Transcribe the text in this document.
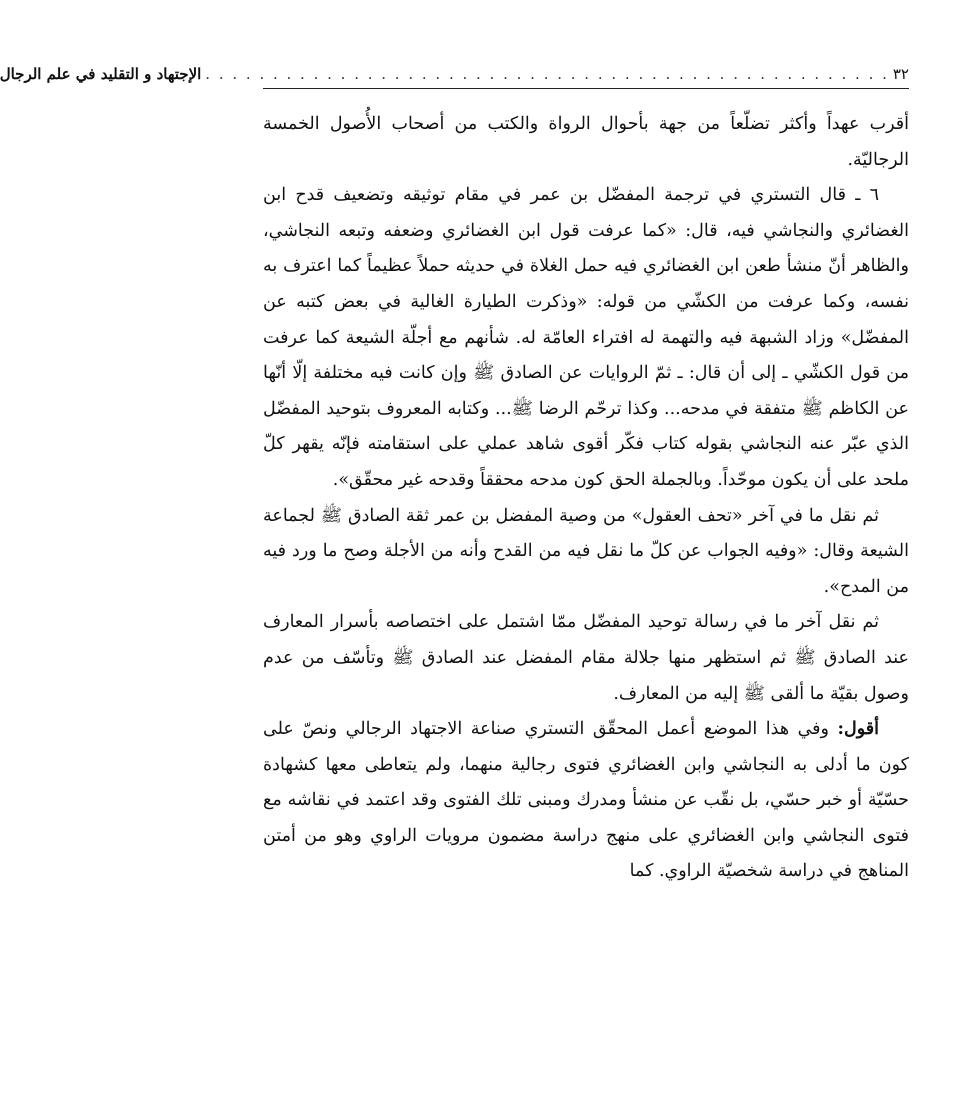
٣٢
. . . . . . . . . . . . . . . . . . . . . . . . . . . . . . . . . . . . . . . . . . . . . . . . . . .
الإجتهاد و التقليد في علم الرجال

أقرب عهداً وأكثر تضلّعاً من جهة بأحوال الرواة والكتب من أصحاب الأُصول الخمسة الرجاليّة.

٦ ـ قال التستري في ترجمة المفضّل بن عمر في مقام توثيقه وتضعيف قدح ابن الغضائري والنجاشي فيه، قال: «كما عرفت قول ابن الغضائري وضعفه وتبعه النجاشي، والظاهر أنّ منشأ طعن ابن الغضائري فيه حمل الغلاة في حديثه حملاً عظيماً كما اعترف به نفسه، وكما عرفت من الكشّي من قوله: «وذكرت الطيارة الغالية في بعض كتبه عن المفضّل» وزاد الشبهة فيه والتهمة له افتراء العامّة له. شأنهم مع أجلّة الشيعة كما عرفت من قول الكشّي ـ إلى أن قال: ـ ثمّ الروايات عن الصادق ﷺ وإن كانت فيه مختلفة إلّا أنّها عن الكاظم ﷺ متفقة في مدحه... وكذا ترحّم الرضا ﷺ... وكتابه المعروف بتوحيد المفضّل الذي عبّر عنه النجاشي بقوله كتاب فكّر أقوى شاهد عملي على استقامته فإنّه يقهر كلّ ملحد على أن يكون موحّداً. وبالجملة الحق كون مدحه محققاً وقدحه غير محقّق».

ثم نقل ما في آخر «تحف العقول» من وصية المفضل بن عمر ثقة الصادق ﷺ لجماعة الشيعة وقال: «وفيه الجواب عن كلّ ما نقل فيه من القدح وأنه من الأجلة وصح ما ورد فيه من المدح».

ثم نقل آخر ما في رسالة توحيد المفضّل ممّا اشتمل على اختصاصه بأسرار المعارف عند الصادق ﷺ ثم استظهر منها جلالة مقام المفضل عند الصادق ﷺ وتأسّف من عدم وصول بقيّة ما ألقى ﷺ إليه من المعارف.

أقول: وفي هذا الموضع أعمل المحقّق التستري صناعة الاجتهاد الرجالي ونصّ على كون ما أدلى به النجاشي وابن الغضائري فتوى رجالية منهما، ولم يتعاطى معها كشهادة حسّيّة أو خبر حسّي، بل نقّب عن منشأ ومدرك ومبنى تلك الفتوى وقد اعتمد في نقاشه مع فتوى النجاشي وابن الغضائري على منهج دراسة مضمون مرويات الراوي وهو من أمتن المناهج في دراسة شخصيّة الراوي. كما
